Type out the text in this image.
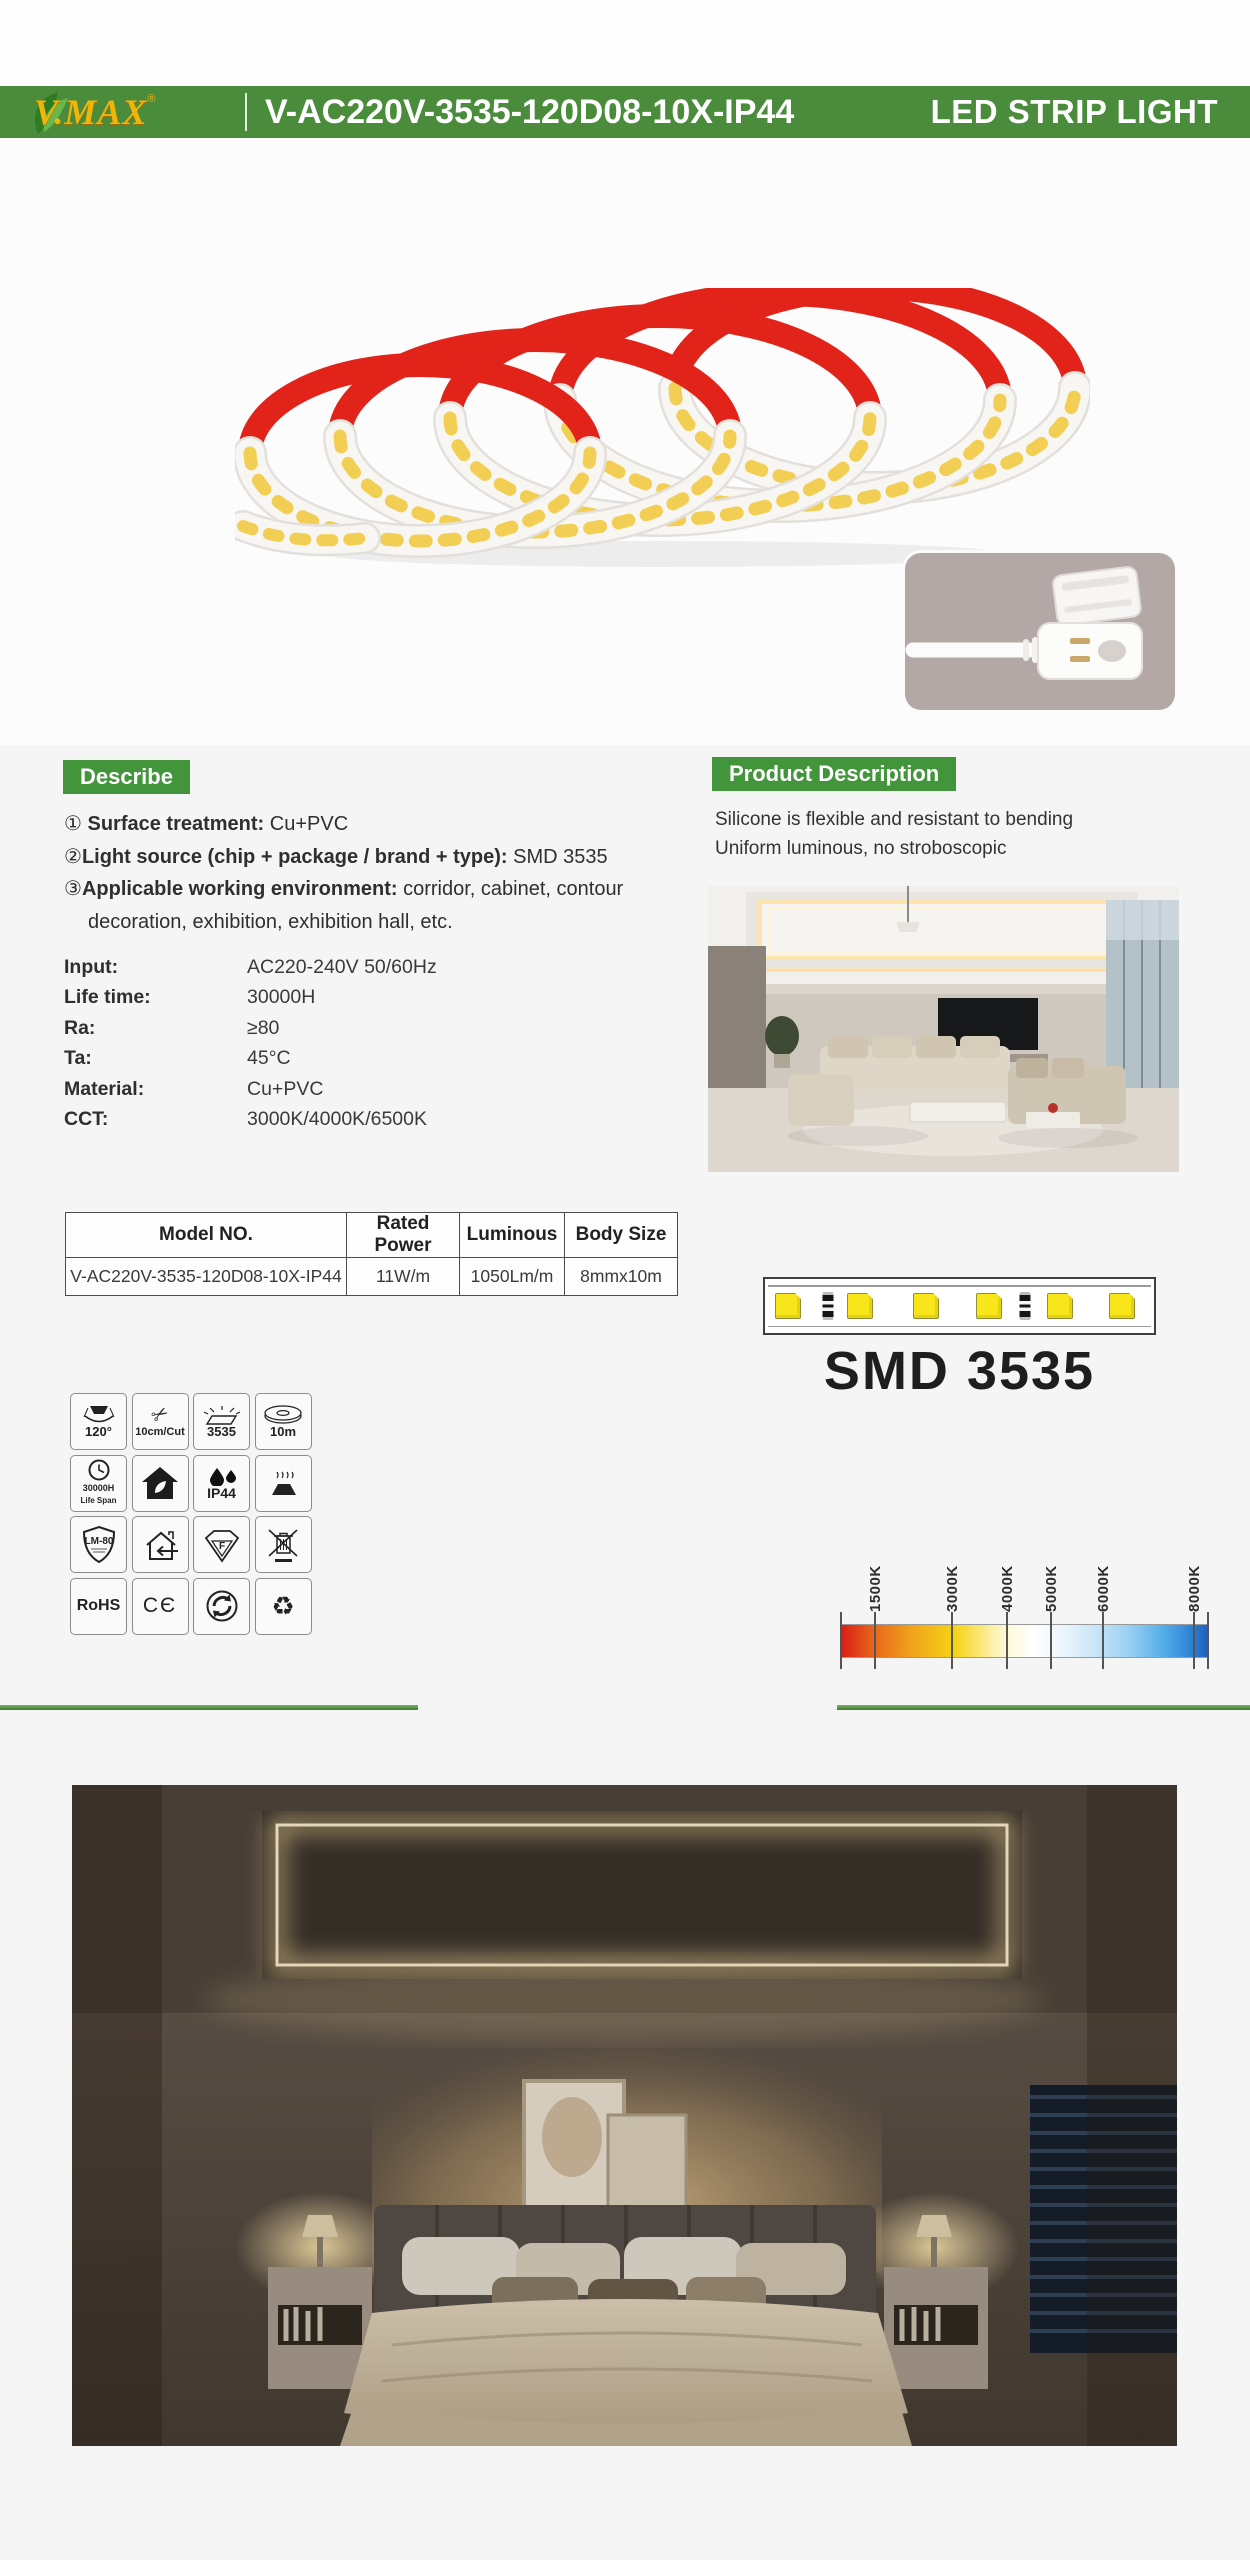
V.MAX ®	V-AC220V-3535-120D08-10X-IP44	LED STRIP LIGHT
Describe
① Surface treatment: Cu+PVC
②Light source (chip + package / brand + type): SMD 3535
③Applicable working environment: corridor, cabinet, contour decoration, exhibition, exhibition hall, etc.
Input:	AC220-240V 50/60Hz
Life time:	30000H
Ra:	≥80
Ta:	45°C
Material:	Cu+PVC
CCT:	3000K/4000K/6500K
Model NO.	Rated Power	Luminous	Body Size
V-AC220V-3535-120D08-10X-IP44	11W/m	1050Lm/m	8mmx10m
120°
✂
10cm/Cut 3535	10m
30000H
Life Span	IP44
LM-80	F
RoHS CЄ	♻
Product Description
Silicone is flexible and resistant to bending
Uniform luminous, no stroboscopic
SMD 3535
1500K	3000K	4000K 5000K 6000K	8000K
